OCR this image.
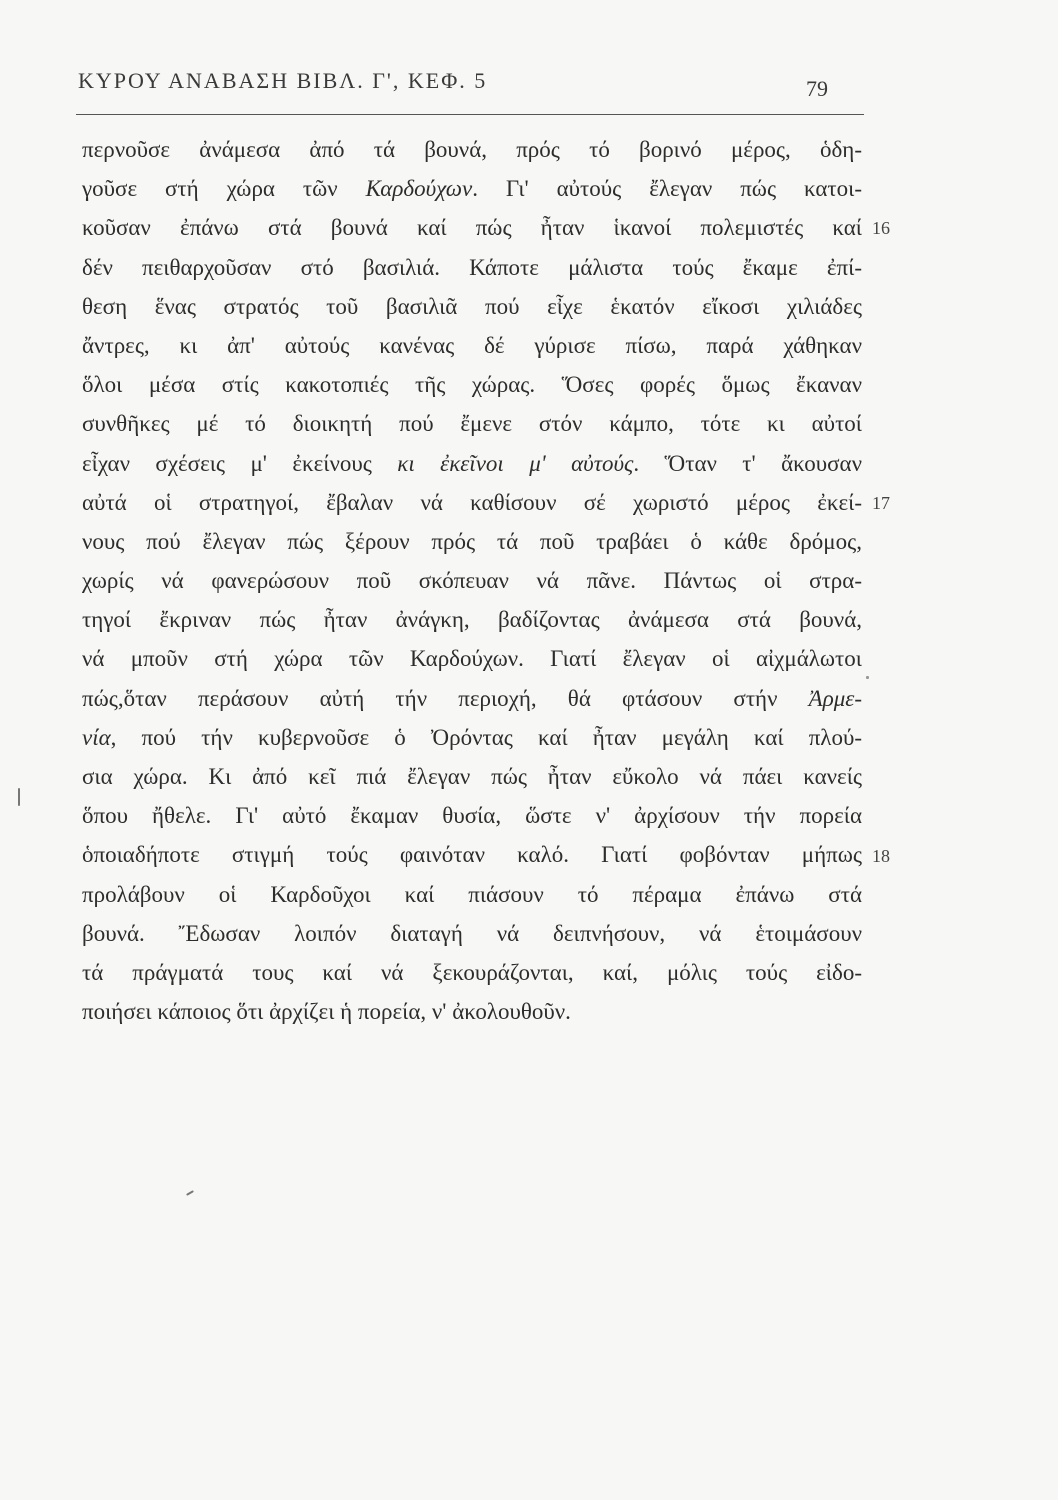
ΚΥΡΟΥ ΑΝΑΒΑΣΗ ΒΙΒΛ. Γ', ΚΕΦ. 5	79
περνοῦσε ἀνάμεσα ἀπό τά βουνά, πρός τό βορινό μέρος, ὁδη-
γοῦσε στή χώρα τῶν Καρδούχων. Γι' αὐτούς ἔλεγαν πώς κατοι-
κοῦσαν ἐπάνω στά βουνά καί πώς ἦταν ἱκανοί πολεμιστές καί
δέν πειθαρχοῦσαν στό βασιλιά. Κάποτε μάλιστα τούς ἔκαμε ἐπί-
θεση ἕνας στρατός τοῦ βασιλιᾶ πού εἶχε ἑκατόν εἴκοσι χιλιάδες
ἄντρες, κι ἀπ' αὐτούς κανένας δέ γύρισε πίσω, παρά χάθηκαν
ὅλοι μέσα στίς κακοτοπιές τῆς χώρας. Ὅσες φορές ὅμως ἔκαναν
συνθῆκες μέ τό διοικητή πού ἔμενε στόν κάμπο, τότε κι αὐτοί
εἶχαν σχέσεις μ' ἐκείνους κι ἐκεῖνοι μ' αὐτούς. Ὅταν τ' ἄκουσαν
αὐτά οἱ στρατηγοί, ἔβαλαν νά καθίσουν σέ χωριστό μέρος ἐκεί-
νους πού ἔλεγαν πώς ξέρουν πρός τά ποῦ τραβάει ὁ κάθε δρόμος,
χωρίς νά φανερώσουν ποῦ σκόπευαν νά πᾶνε. Πάντως οἱ στρα-
τηγοί ἔκριναν πώς ἦταν ἀνάγκη, βαδίζοντας ἀνάμεσα στά βουνά,
νά μποῦν στή χώρα τῶν Καρδούχων. Γιατί ἔλεγαν οἱ αἰχμάλωτοι
πώς,ὅταν περάσουν αὐτή τήν περιοχή, θά φτάσουν στήν Ἀρμε-
νία, πού τήν κυβερνοῦσε ὁ Ὀρόντας καί ἦταν μεγάλη καί πλού-
σια χώρα. Κι ἀπό κεῖ πιά ἔλεγαν πώς ἦταν εὔκολο νά πάει κανείς
ὅπου ἤθελε. Γι' αὐτό ἔκαμαν θυσία, ὥστε ν' ἀρχίσουν τήν πορεία
ὁποιαδήποτε στιγμή τούς φαινόταν καλό. Γιατί φοβόνταν μήπως
προλάβουν οἱ Καρδοῦχοι καί πιάσουν τό πέραμα ἐπάνω στά
βουνά. Ἔδωσαν λοιπόν διαταγή νά δειπνήσουν, νά ἑτοιμάσουν
τά πράγματά τους καί νά ξεκουράζονται, καί, μόλις τούς εἰδο-
ποιήσει κάποιος ὅτι ἀρχίζει ἡ πορεία, ν' ἀκολουθοῦν.
16
17
18
